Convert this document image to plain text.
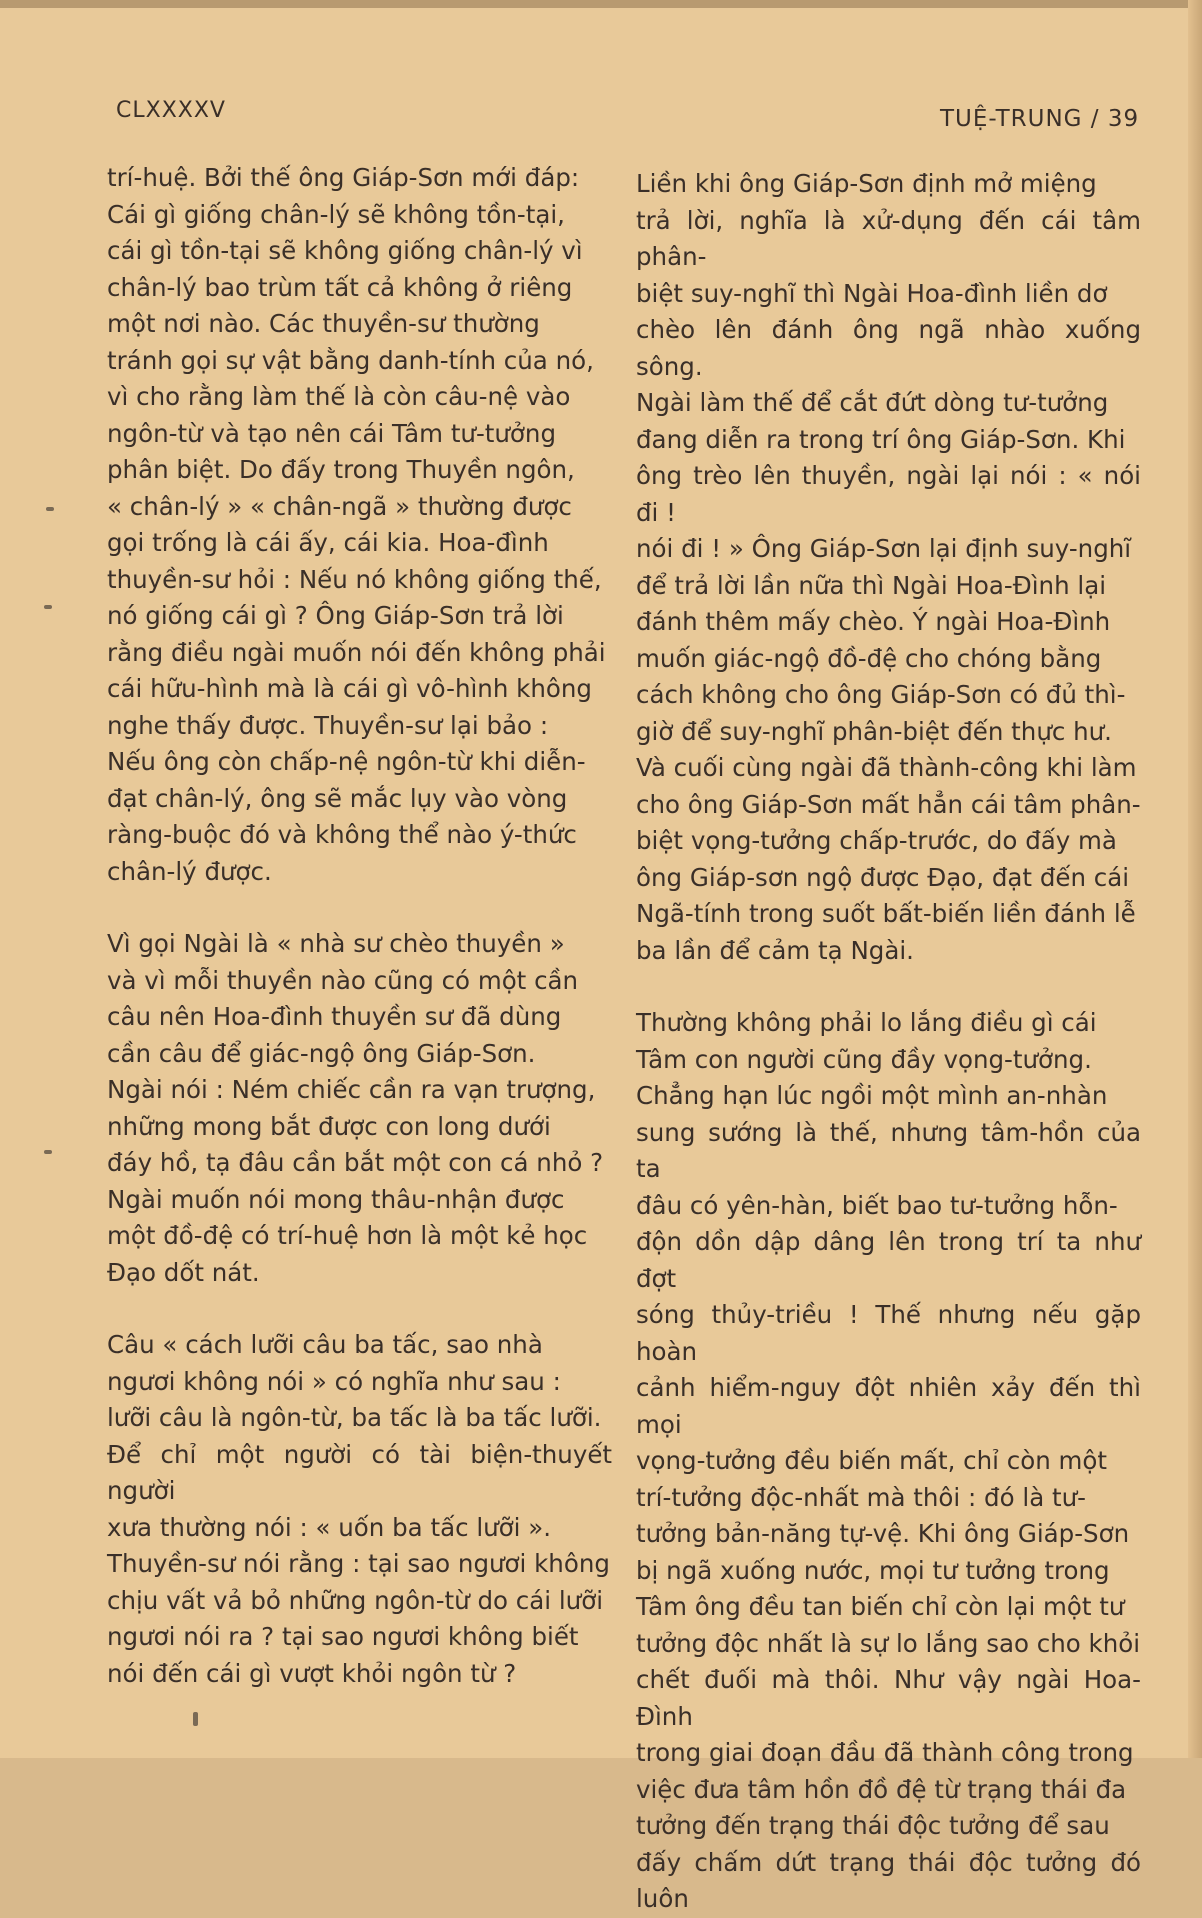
CLXXXXV	TUỆ-TRUNG / 39

trí-huệ. Bởi thế ông Giáp-Sơn mới đáp:
Cái gì giống chân-lý sẽ không tồn-tại,
cái gì tồn-tại sẽ không giống chân-lý vì
chân-lý bao trùm tất cả không ở riêng
một nơi nào. Các thuyền-sư thường
tránh gọi sự vật bằng danh-tính của nó,
vì cho rằng làm thế là còn câu-nệ vào
ngôn-từ và tạo nên cái Tâm tư-tưởng
phân biệt. Do đấy trong Thuyền ngôn,
« chân-lý » « chân-ngã » thường được
gọi trống là cái ấy, cái kia. Hoa-đình
thuyền-sư hỏi : Nếu nó không giống thế,
nó giống cái gì ? Ông Giáp-Sơn trả lời
rằng điều ngài muốn nói đến không phải
cái hữu-hình mà là cái gì vô-hình không
nghe thấy được. Thuyền-sư lại bảo :
Nếu ông còn chấp-nệ ngôn-từ khi diễn-
đạt chân-lý, ông sẽ mắc lụy vào vòng
ràng-buộc đó và không thể nào ý-thức
chân-lý được.

Vì gọi Ngài là « nhà sư chèo thuyền »
và vì mỗi thuyền nào cũng có một cần
câu nên Hoa-đình thuyền sư đã dùng
cần câu để giác-ngộ ông Giáp-Sơn.
Ngài nói : Ném chiếc cần ra vạn trượng,
những mong bắt được con long dưới
đáy hồ, tạ đâu cần bắt một con cá nhỏ ?
Ngài muốn nói mong thâu-nhận được
một đồ-đệ có trí-huệ hơn là một kẻ học
Đạo dốt nát.

Câu « cách lưỡi câu ba tấc, sao nhà
ngươi không nói » có nghĩa như sau :
lưỡi câu là ngôn-từ, ba tấc là ba tấc lưỡi.
Để chỉ một người có tài biện-thuyết người
xưa thường nói : « uốn ba tấc lưỡi ».
Thuyền-sư nói rằng : tại sao ngươi không
chịu vất vả bỏ những ngôn-từ do cái lưỡi
ngươi nói ra ? tại sao ngươi không biết
nói đến cái gì vượt khỏi ngôn từ ?

Liền khi ông Giáp-Sơn định mở miệng
trả lời, nghĩa là xử-dụng đến cái tâm phân-
biệt suy-nghĩ thì Ngài Hoa-đình liền dơ
chèo lên đánh ông ngã nhào xuống sông.
Ngài làm thế để cắt đứt dòng tư-tưởng
đang diễn ra trong trí ông Giáp-Sơn. Khi
ông trèo lên thuyền, ngài lại nói : « nói đi !
nói đi ! » Ông Giáp-Sơn lại định suy-nghĩ
để trả lời lần nữa thì Ngài Hoa-Đình lại
đánh thêm mấy chèo. Ý ngài Hoa-Đình
muốn giác-ngộ đồ-đệ cho chóng bằng
cách không cho ông Giáp-Sơn có đủ thì-
giờ để suy-nghĩ phân-biệt đến thực hư.
Và cuối cùng ngài đã thành-công khi làm
cho ông Giáp-Sơn mất hẳn cái tâm phân-
biệt vọng-tưởng chấp-trước, do đấy mà
ông Giáp-sơn ngộ được Đạo, đạt đến cái
Ngã-tính trong suốt bất-biến liền đánh lễ
ba lần để cảm tạ Ngài.

Thường không phải lo lắng điều gì cái
Tâm con người cũng đầy vọng-tưởng.
Chẳng hạn lúc ngồi một mình an-nhàn
sung sướng là thế, nhưng tâm-hồn của ta
đâu có yên-hàn, biết bao tư-tưởng hỗn-
độn dồn dập dâng lên trong trí ta như đợt
sóng thủy-triều ! Thế nhưng nếu gặp hoàn
cảnh hiểm-nguy đột nhiên xảy đến thì mọi
vọng-tưởng đều biến mất, chỉ còn một
trí-tưởng độc-nhất mà thôi : đó là tư-
tưởng bản-năng tự-vệ. Khi ông Giáp-Sơn
bị ngã xuống nước, mọi tư tưởng trong
Tâm ông đều tan biến chỉ còn lại một tư
tưởng độc nhất là sự lo lắng sao cho khỏi
chết đuối mà thôi. Như vậy ngài Hoa-Đình
trong giai đoạn đầu đã thành công trong
việc đưa tâm hồn đồ đệ từ trạng thái đa
tưởng đến trạng thái độc tưởng để sau
đấy chấm dứt trạng thái độc tưởng đó luôn
